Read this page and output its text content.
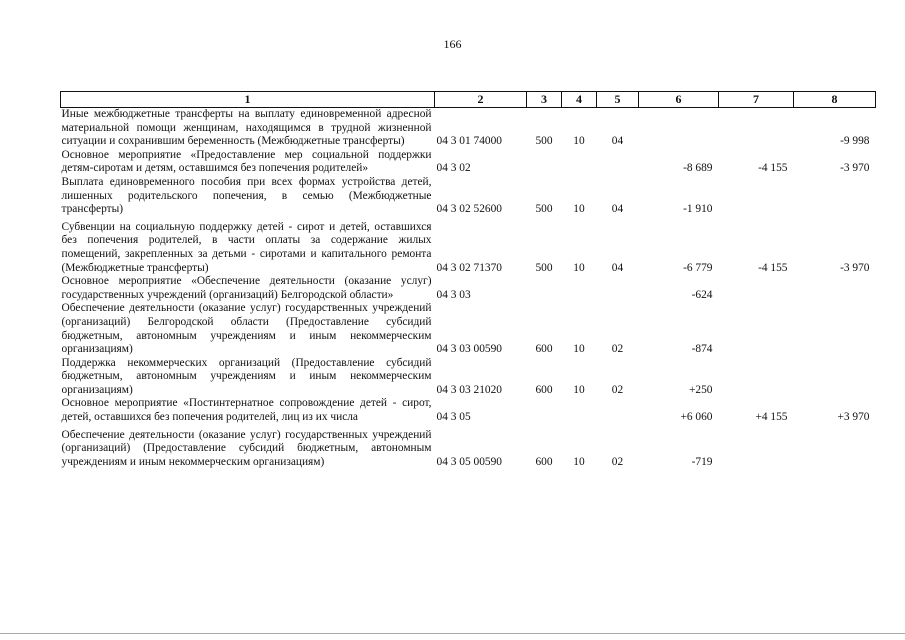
166
1	2	3	4	5	6	7	8
Иные межбюджетные трансферты на выплату единовременной адресной материальной помощи женщинам, находящимся в трудной жизненной ситуации и сохранившим беременность (Межбюджетные трансферты)	04 3 01 74000	500	10	04			-9 998
Основное мероприятие «Предоставление мер социальной поддержки детям-сиротам и детям, оставшимся без попечения родителей»	04 3 02				-8 689	-4 155	-3 970
Выплата единовременного пособия при всех формах устройства детей, лишенных родительского попечения, в семью (Межбюджетные трансферты)	04 3 02 52600	500	10	04	-1 910		
Субвенции на социальную поддержку детей - сирот и детей, оставшихся без попечения родителей, в части оплаты за содержание жилых помещений, закрепленных за детьми - сиротами и капитального ремонта (Межбюджетные трансферты)	04 3 02 71370	500	10	04	-6 779	-4 155	-3 970
Основное мероприятие «Обеспечение деятельности (оказание услуг) государственных учреждений (организаций) Белгородской области»	04 3 03				-624		
Обеспечение деятельности (оказание услуг) государственных учреждений (организаций) Белгородской области (Предоставление субсидий бюджетным, автономным учреждениям и иным некоммерческим организациям)	04 3 03 00590	600	10	02	-874		
Поддержка некоммерческих организаций (Предоставление субсидий бюджетным, автономным учреждениям и иным некоммерческим организациям)	04 3 03 21020	600	10	02	+250		
Основное мероприятие «Постинтернатное сопровождение детей - сирот, детей, оставшихся без попечения родителей, лиц из их числа	04 3 05				+6 060	+4 155	+3 970
Обеспечение деятельности (оказание услуг) государственных учреждений (организаций) (Предоставление субсидий бюджетным, автономным учреждениям и иным некоммерческим организациям)	04 3 05 00590	600	10	02	-719		
